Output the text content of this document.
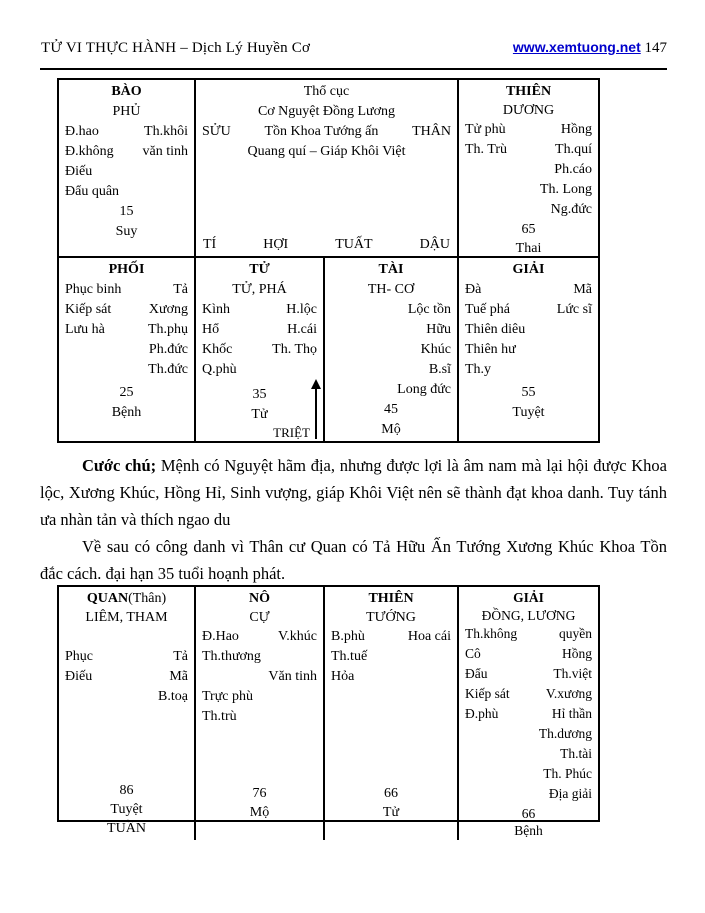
TỬ VI THỰC HÀNH – Dịch Lý Huyền Cơ	www.xemtuong.net 147
BÀO
PHỦ
Đ.hao	Th.khôi
Đ.không văn tinh
Điếu
Đẩu quân
15
Suy
Thổ cục
Cơ Nguyệt Đồng Lương
SỬU Tồn Khoa Tướng ấn THÂN
Quang quí – Giáp Khôi Việt
TÍ	HỢI	TUẤT	DẬU
THIÊN
DƯƠNG
Tử phù	Hồng
Th. Trù	Th.quí
Ph.cáo
Th. Long
Ng.đức
65
Thai
PHỐI
Phục binh	Tả
Kiếp sát	Xương
Lưu hà	Th.phụ
Ph.đức
Th.đức
25
Bệnh
TỬ
TỬ, PHÁ
Kình	H.lộc
Hổ	H.cái
Khốc	Th. Thọ
Q.phù
35
Tử
TRIỆT
TÀI
TH- CƠ
Lộc tồn
Hữu
Khúc
B.sĩ
Long đức
45
Mộ
GIẢI
Đà	Mã
Tuế phá	Lức sĩ
Thiên diêu
Thiên hư
Th.y
55
Tuyệt

Cước chú; Mệnh có Nguyệt hãm địa, nhưng được lợi là âm nam mà lại hội được Khoa lộc, Xương Khúc, Hồng Hỉ, Sinh vượng, giáp Khôi Việt nên sẽ thành đạt khoa danh. Tuy tánh ưa nhàn tản và thích ngao du

Về sau có công danh vì Thân cư Quan có Tả Hữu Ấn Tướng Xương Khúc Khoa Tồn đắc cách. đại hạn 35 tuổi hoạnh phát.

QUAN(Thân)
LIÊM, THAM
Phục	Tả
Điếu	Mã
B.toạ
86
Tuyệt
TUẦN
NÔ
CỰ
Đ.Hao	V.khúc
Th.thương
Văn tinh
Trực phù
Th.trù
76
Mộ
THIÊN
TƯỚNG
B.phù	Hoa cái
Th.tuế
Hỏa
66
Tử
GIẢI
ĐỒNG, LƯƠNG
Th.không	quyền
Cô	Hồng
Đẩu	Th.việt
Kiếp sát	V.xương
Đ.phù	Hỉ thần
Th.dương
Th.tài
Th. Phúc
Địa giải
66
Bệnh
